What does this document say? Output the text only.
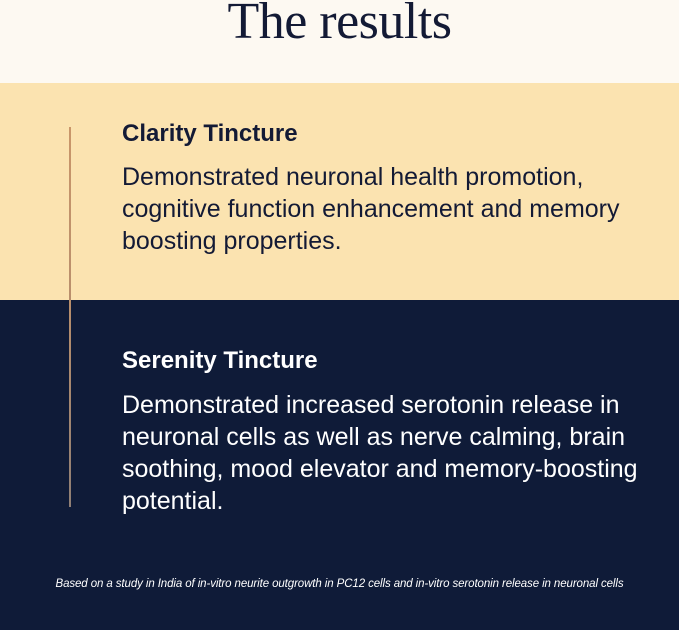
The results
Clarity Tincture

Demonstrated neuronal health promotion, cognitive function enhancement and memory boosting properties.

Serenity Tincture

Demonstrated increased serotonin release in neuronal cells as well as nerve calming, brain soothing, mood elevator and memory-boosting potential.

Based on a study in India of in-vitro neurite outgrowth in PC12 cells and in-vitro serotonin release in neuronal cells
